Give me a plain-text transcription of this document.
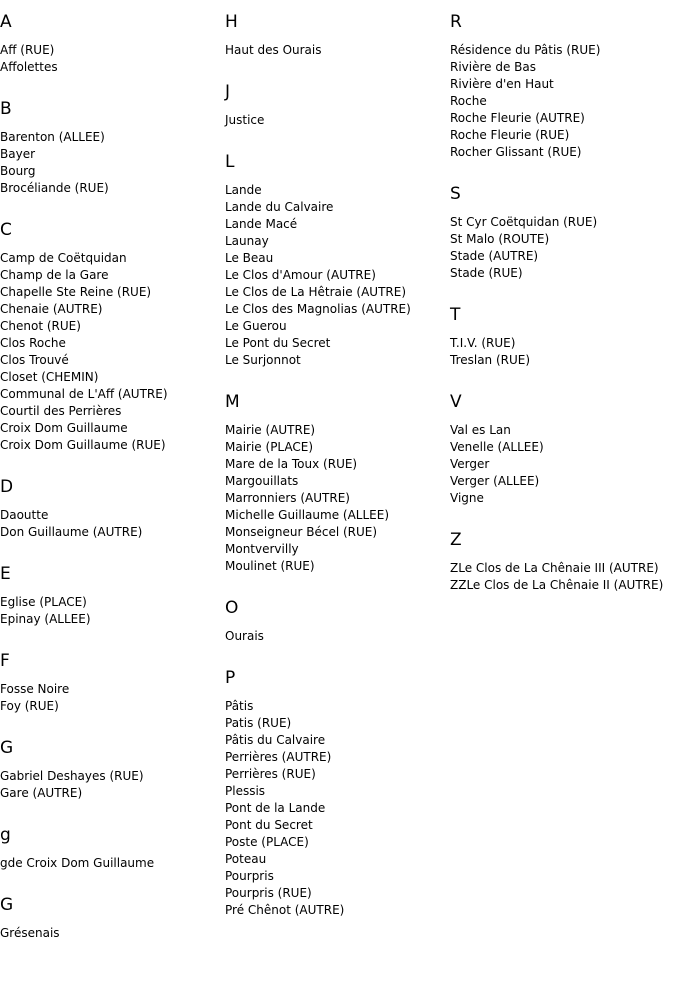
A
Aff (RUE)
Affolettes
B
Barenton (ALLEE)
Bayer
Bourg
Brocéliande (RUE)
C
Camp de Coëtquidan
Champ de la Gare
Chapelle Ste Reine (RUE)
Chenaie (AUTRE)
Chenot (RUE)
Clos Roche
Clos Trouvé
Closet (CHEMIN)
Communal de L'Aff (AUTRE)
Courtil des Perrières
Croix Dom Guillaume
Croix Dom Guillaume (RUE)
D
Daoutte
Don Guillaume (AUTRE)
E
Eglise (PLACE)
Epinay (ALLEE)
F
Fosse Noire
Foy (RUE)
G
Gabriel Deshayes (RUE)
Gare (AUTRE)
g
gde Croix Dom Guillaume
G
Grésenais
H
Haut des Ourais
J
Justice
L
Lande
Lande du Calvaire
Lande Macé
Launay
Le Beau
Le Clos d'Amour (AUTRE)
Le Clos de La Hêtraie (AUTRE)
Le Clos des Magnolias (AUTRE)
Le Guerou
Le Pont du Secret
Le Surjonnot
M
Mairie (AUTRE)
Mairie (PLACE)
Mare de la Toux (RUE)
Margouillats
Marronniers (AUTRE)
Michelle Guillaume (ALLEE)
Monseigneur Bécel (RUE)
Montvervilly
Moulinet (RUE)
O
Ourais
P
Pâtis
Patis (RUE)
Pâtis du Calvaire
Perrières (AUTRE)
Perrières (RUE)
Plessis
Pont de la Lande
Pont du Secret
Poste (PLACE)
Poteau
Pourpris
Pourpris (RUE)
Pré Chênot (AUTRE)
R
Résidence du Pâtis (RUE)
Rivière de Bas
Rivière d'en Haut
Roche
Roche Fleurie (AUTRE)
Roche Fleurie (RUE)
Rocher Glissant (RUE)
S
St Cyr Coëtquidan (RUE)
St Malo (ROUTE)
Stade (AUTRE)
Stade (RUE)
T
T.I.V. (RUE)
Treslan (RUE)
V
Val es Lan
Venelle (ALLEE)
Verger
Verger (ALLEE)
Vigne
Z
ZLe Clos de La Chênaie III (AUTRE)
ZZLe Clos de La Chênaie II (AUTRE)
